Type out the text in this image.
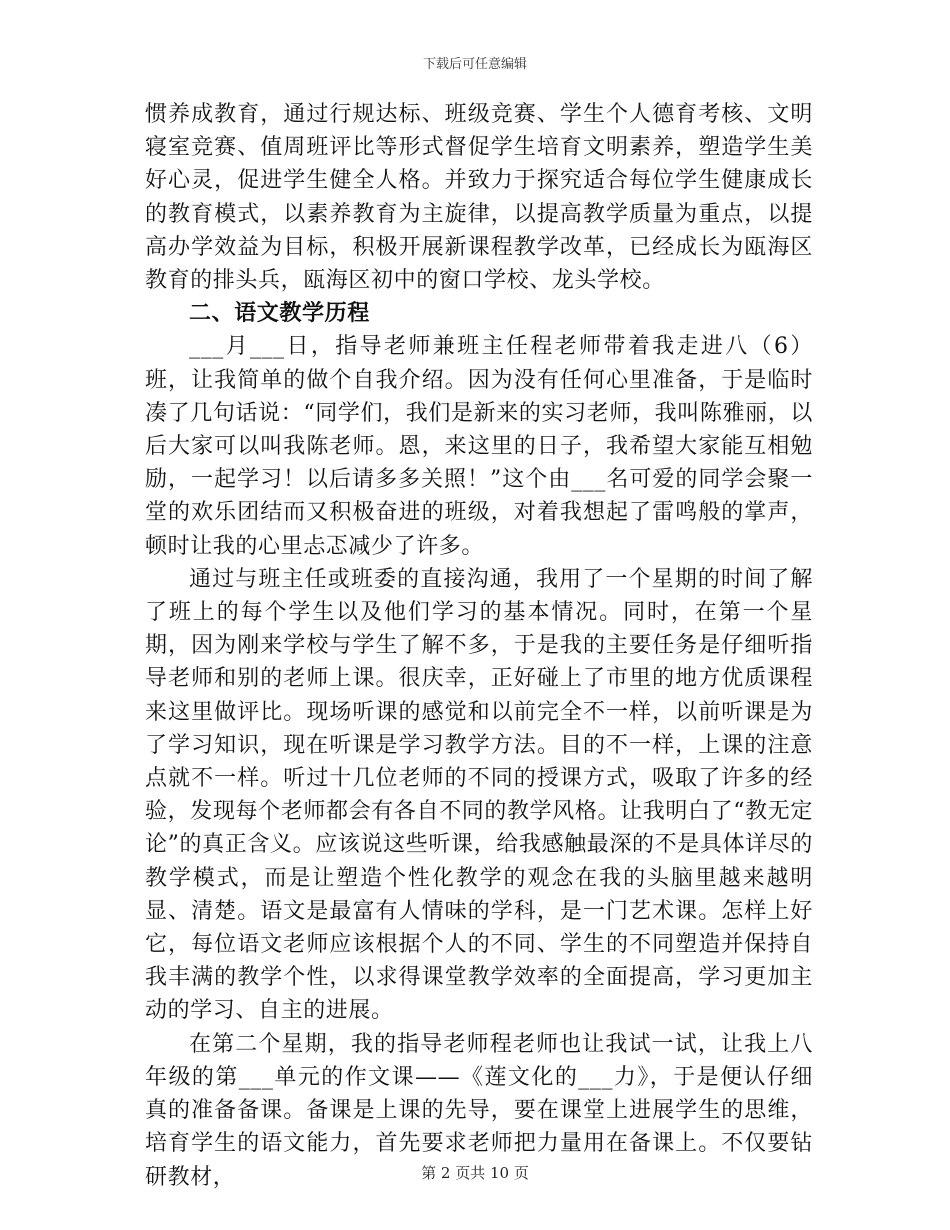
下载后可任意编辑

惯养成教育，通过行规达标、班级竞赛、学生个人德育考核、文明寝室竞赛、值周班评比等形式督促学生培育文明素养，塑造学生美好心灵，促进学生健全人格。并致力于探究适合每位学生健康成长的教育模式，以素养教育为主旋律，以提高教学质量为重点，以提高办学效益为目标，积极开展新课程教学改革，已经成长为瓯海区教育的排头兵，瓯海区初中的窗口学校、龙头学校。

二、语文教学历程

___月___日，指导老师兼班主任程老师带着我走进八（6）班，让我简单的做个自我介绍。因为没有任何心里准备，于是临时凑了几句话说：“同学们，我们是新来的实习老师，我叫陈雅丽，以后大家可以叫我陈老师。恩，来这里的日子，我希望大家能互相勉励，一起学习！以后请多多关照！”这个由___名可爱的同学会聚一堂的欢乐团结而又积极奋进的班级，对着我想起了雷鸣般的掌声，顿时让我的心里忐忑减少了许多。

通过与班主任或班委的直接沟通，我用了一个星期的时间了解了班上的每个学生以及他们学习的基本情况。同时，在第一个星期，因为刚来学校与学生了解不多，于是我的主要任务是仔细听指导老师和别的老师上课。很庆幸，正好碰上了市里的地方优质课程来这里做评比。现场听课的感觉和以前完全不一样，以前听课是为了学习知识，现在听课是学习教学方法。目的不一样，上课的注意点就不一样。听过十几位老师的不同的授课方式，吸取了许多的经验，发现每个老师都会有各自不同的教学风格。让我明白了“教无定论”的真正含义。应该说这些听课，给我感触最深的不是具体详尽的教学模式，而是让塑造个性化教学的观念在我的头脑里越来越明显、清楚。语文是最富有人情味的学科，是一门艺术课。怎样上好它，每位语文老师应该根据个人的不同、学生的不同塑造并保持自我丰满的教学个性，以求得课堂教学效率的全面提高，学习更加主动的学习、自主的进展。

在第二个星期，我的指导老师程老师也让我试一试，让我上八年级的第___单元的作文课——《莲文化的___力》，于是便认仔细真的准备备课。备课是上课的先导，要在课堂上进展学生的思维，培育学生的语文能力，首先要求老师把力量用在备课上。不仅要钻研教材，	第 2 页共 10 页
